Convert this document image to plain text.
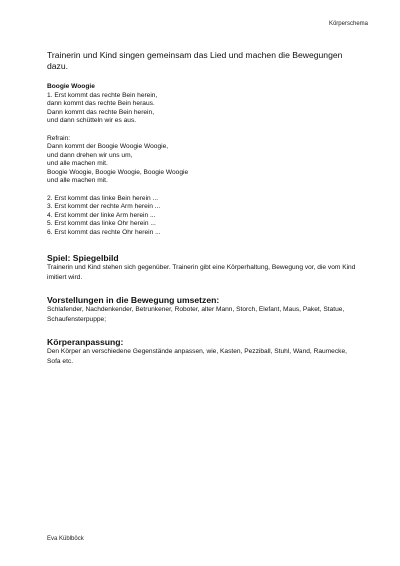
Körperschema

Trainerin und Kind singen gemeinsam das Lied und machen die Bewegungen dazu.

Boogie Woogie
1. Erst kommt das rechte Bein herein,
dann kommt das rechte Bein heraus.
Dann kommt das rechte Bein herein,
und dann schütteln wir es aus.
Refrain:
Dann kommt der Boogie Woogie Woogie,
und dann drehen wir uns um,
und alle machen mit.
Boogie Woogie, Boogie Woogie, Boogie Woogie
und alle machen mit.
2. Erst kommt das linke Bein herein ...
3. Erst kommt der rechte Arm herein ...
4. Erst kommt der linke Arm herein ...
5. Erst kommt das linke Ohr herein ...
6. Erst kommt das rechte Ohr herein ...
Spiel: Spiegelbild

Trainerin und Kind stehen sich gegenüber. Trainerin gibt eine Körperhaltung, Bewegung vor, die vom Kind imitiert wird.

Vorstellungen in die Bewegung umsetzen:

Schlafender, Nachdenkender, Betrunkener, Roboter, alter Mann, Storch, Elefant, Maus, Paket, Statue, Schaufensterpuppe;

Körperanpassung:

Den Körper an verschiedene Gegenstände anpassen, wie, Kasten, Pezziball, Stuhl, Wand, Raumecke, Sofa etc.

Eva Küblböck
